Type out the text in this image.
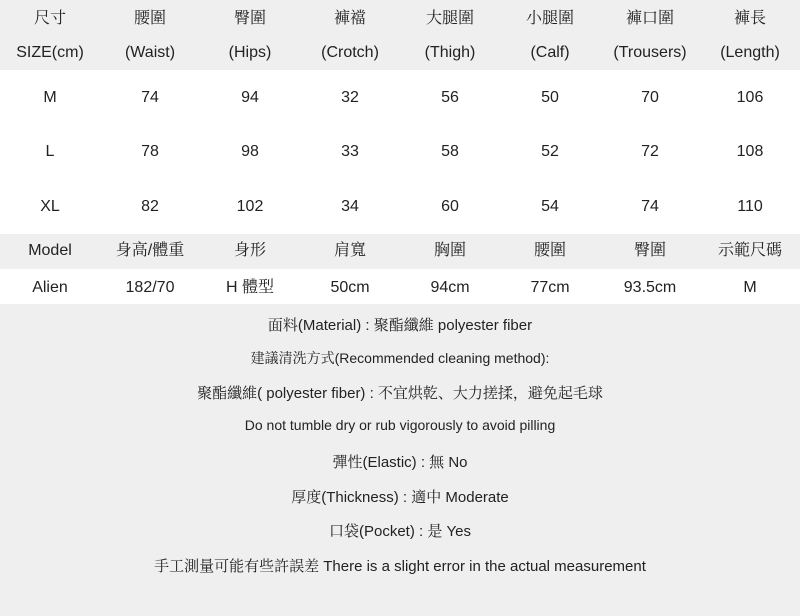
尺寸	腰圍	臀圍	褲襠	大腿圍	小腿圍	褲口圍	褲長
SIZE(cm)	(Waist)	(Hips)	(Crotch)	(Thigh)	(Calf)	(Trousers)	(Length)
M	74	94	32	56	50	70	106
L	78	98	33	58	52	72	108
XL	82	102	34	60	54	74	110
Model	身高/體重	身形	肩寬	胸圍	腰圍	臀圍	示範尺碼
Alien	182/70	H 體型	50cm	94cm	77cm	93.5cm	M
面料(Material) : 聚酯纖維 polyester fiber
建議清洗方式(Recommended cleaning method):
聚酯纖維( polyester fiber) : 不宜烘乾、大力搓揉，避免起毛球
Do not tumble dry or rub vigorously to avoid pilling
彈性(Elastic) : 無 No
厚度(Thickness) : 適中 Moderate
口袋(Pocket) : 是 Yes
手工測量可能有些許誤差 There is a slight error in the actual measurement
